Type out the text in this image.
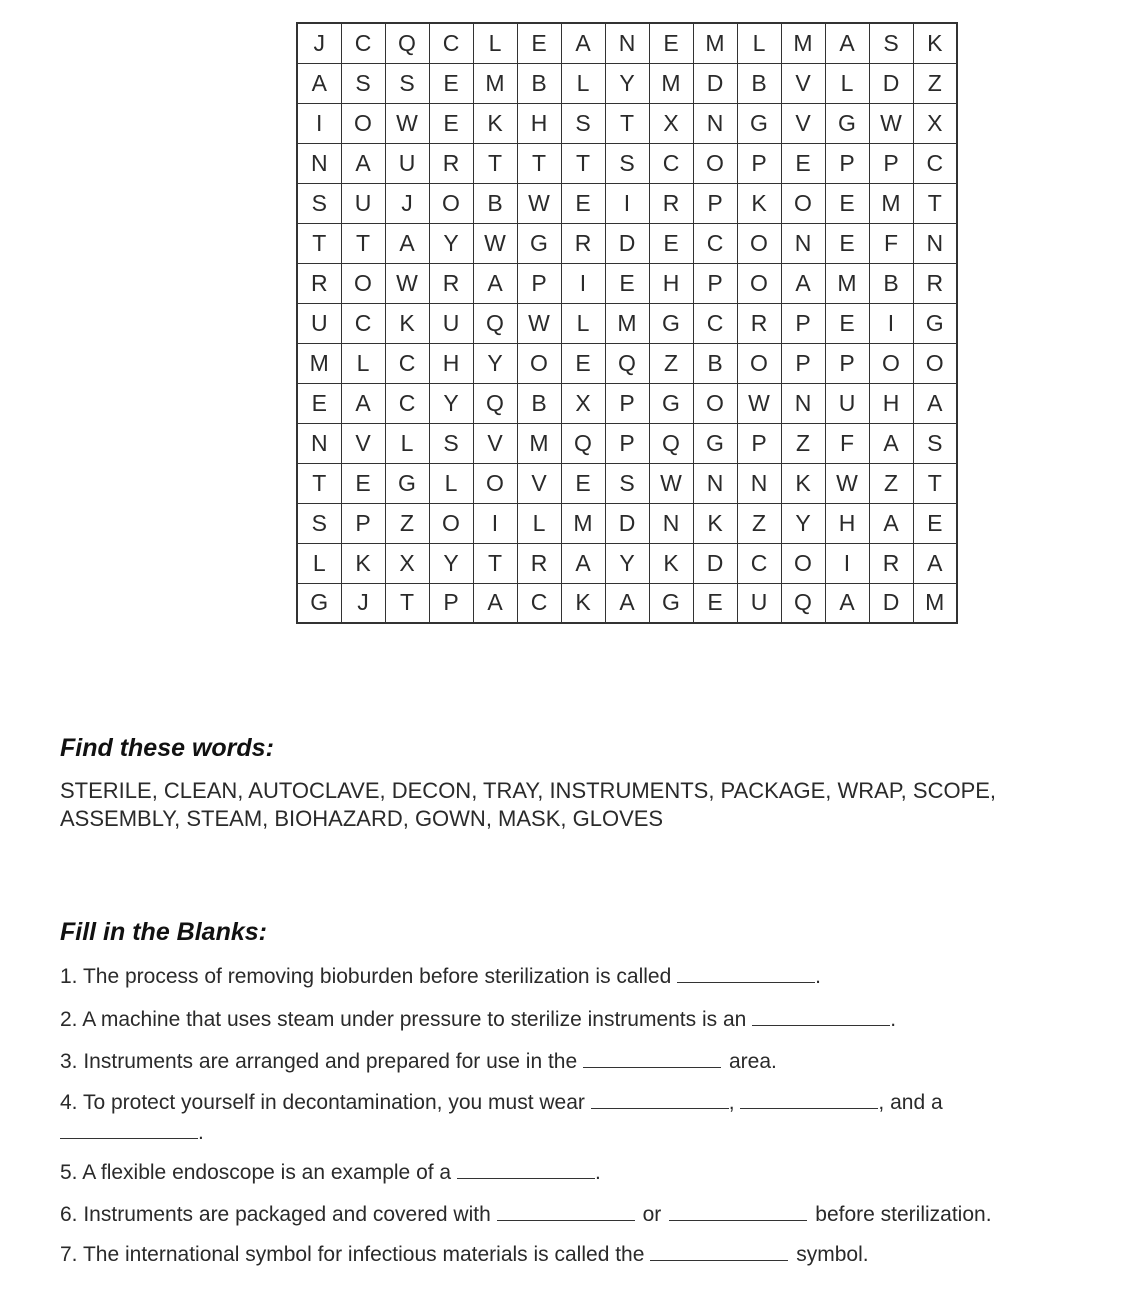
J	C	Q	C	L	E	A	N	E	M	L	M	A	S	K
A	S	S	E	M	B	L	Y	M	D	B	V	L	D	Z
I	O	W	E	K	H	S	T	X	N	G	V	G	W	X
N	A	U	R	T	T	T	S	C	O	P	E	P	P	C
S	U	J	O	B	W	E	I	R	P	K	O	E	M	T
T	T	A	Y	W	G	R	D	E	C	O	N	E	F	N
R	O	W	R	A	P	I	E	H	P	O	A	M	B	R
U	C	K	U	Q	W	L	M	G	C	R	P	E	I	G
M	L	C	H	Y	O	E	Q	Z	B	O	P	P	O	O
E	A	C	Y	Q	B	X	P	G	O	W	N	U	H	A
N	V	L	S	V	M	Q	P	Q	G	P	Z	F	A	S
T	E	G	L	O	V	E	S	W	N	N	K	W	Z	T
S	P	Z	O	I	L	M	D	N	K	Z	Y	H	A	E
L	K	X	Y	T	R	A	Y	K	D	C	O	I	R	A
G	J	T	P	A	C	K	A	G	E	U	Q	A	D	M
Find these words:
STERILE, CLEAN, AUTOCLAVE, DECON, TRAY, INSTRUMENTS, PACKAGE, WRAP, SCOPE,
ASSEMBLY, STEAM, BIOHAZARD, GOWN, MASK, GLOVES
Fill in the Blanks:
1. The process of removing bioburden before sterilization is called	.
2. A machine that uses steam under pressure to sterilize instruments is an	.
3. Instruments are arranged and prepared for use in the	area.
4. To protect yourself in decontamination, you must wear	,	, and a
.
5. A flexible endoscope is an example of a	.
6. Instruments are packaged and covered with	or	before sterilization.
7. The international symbol for infectious materials is called the	symbol.
